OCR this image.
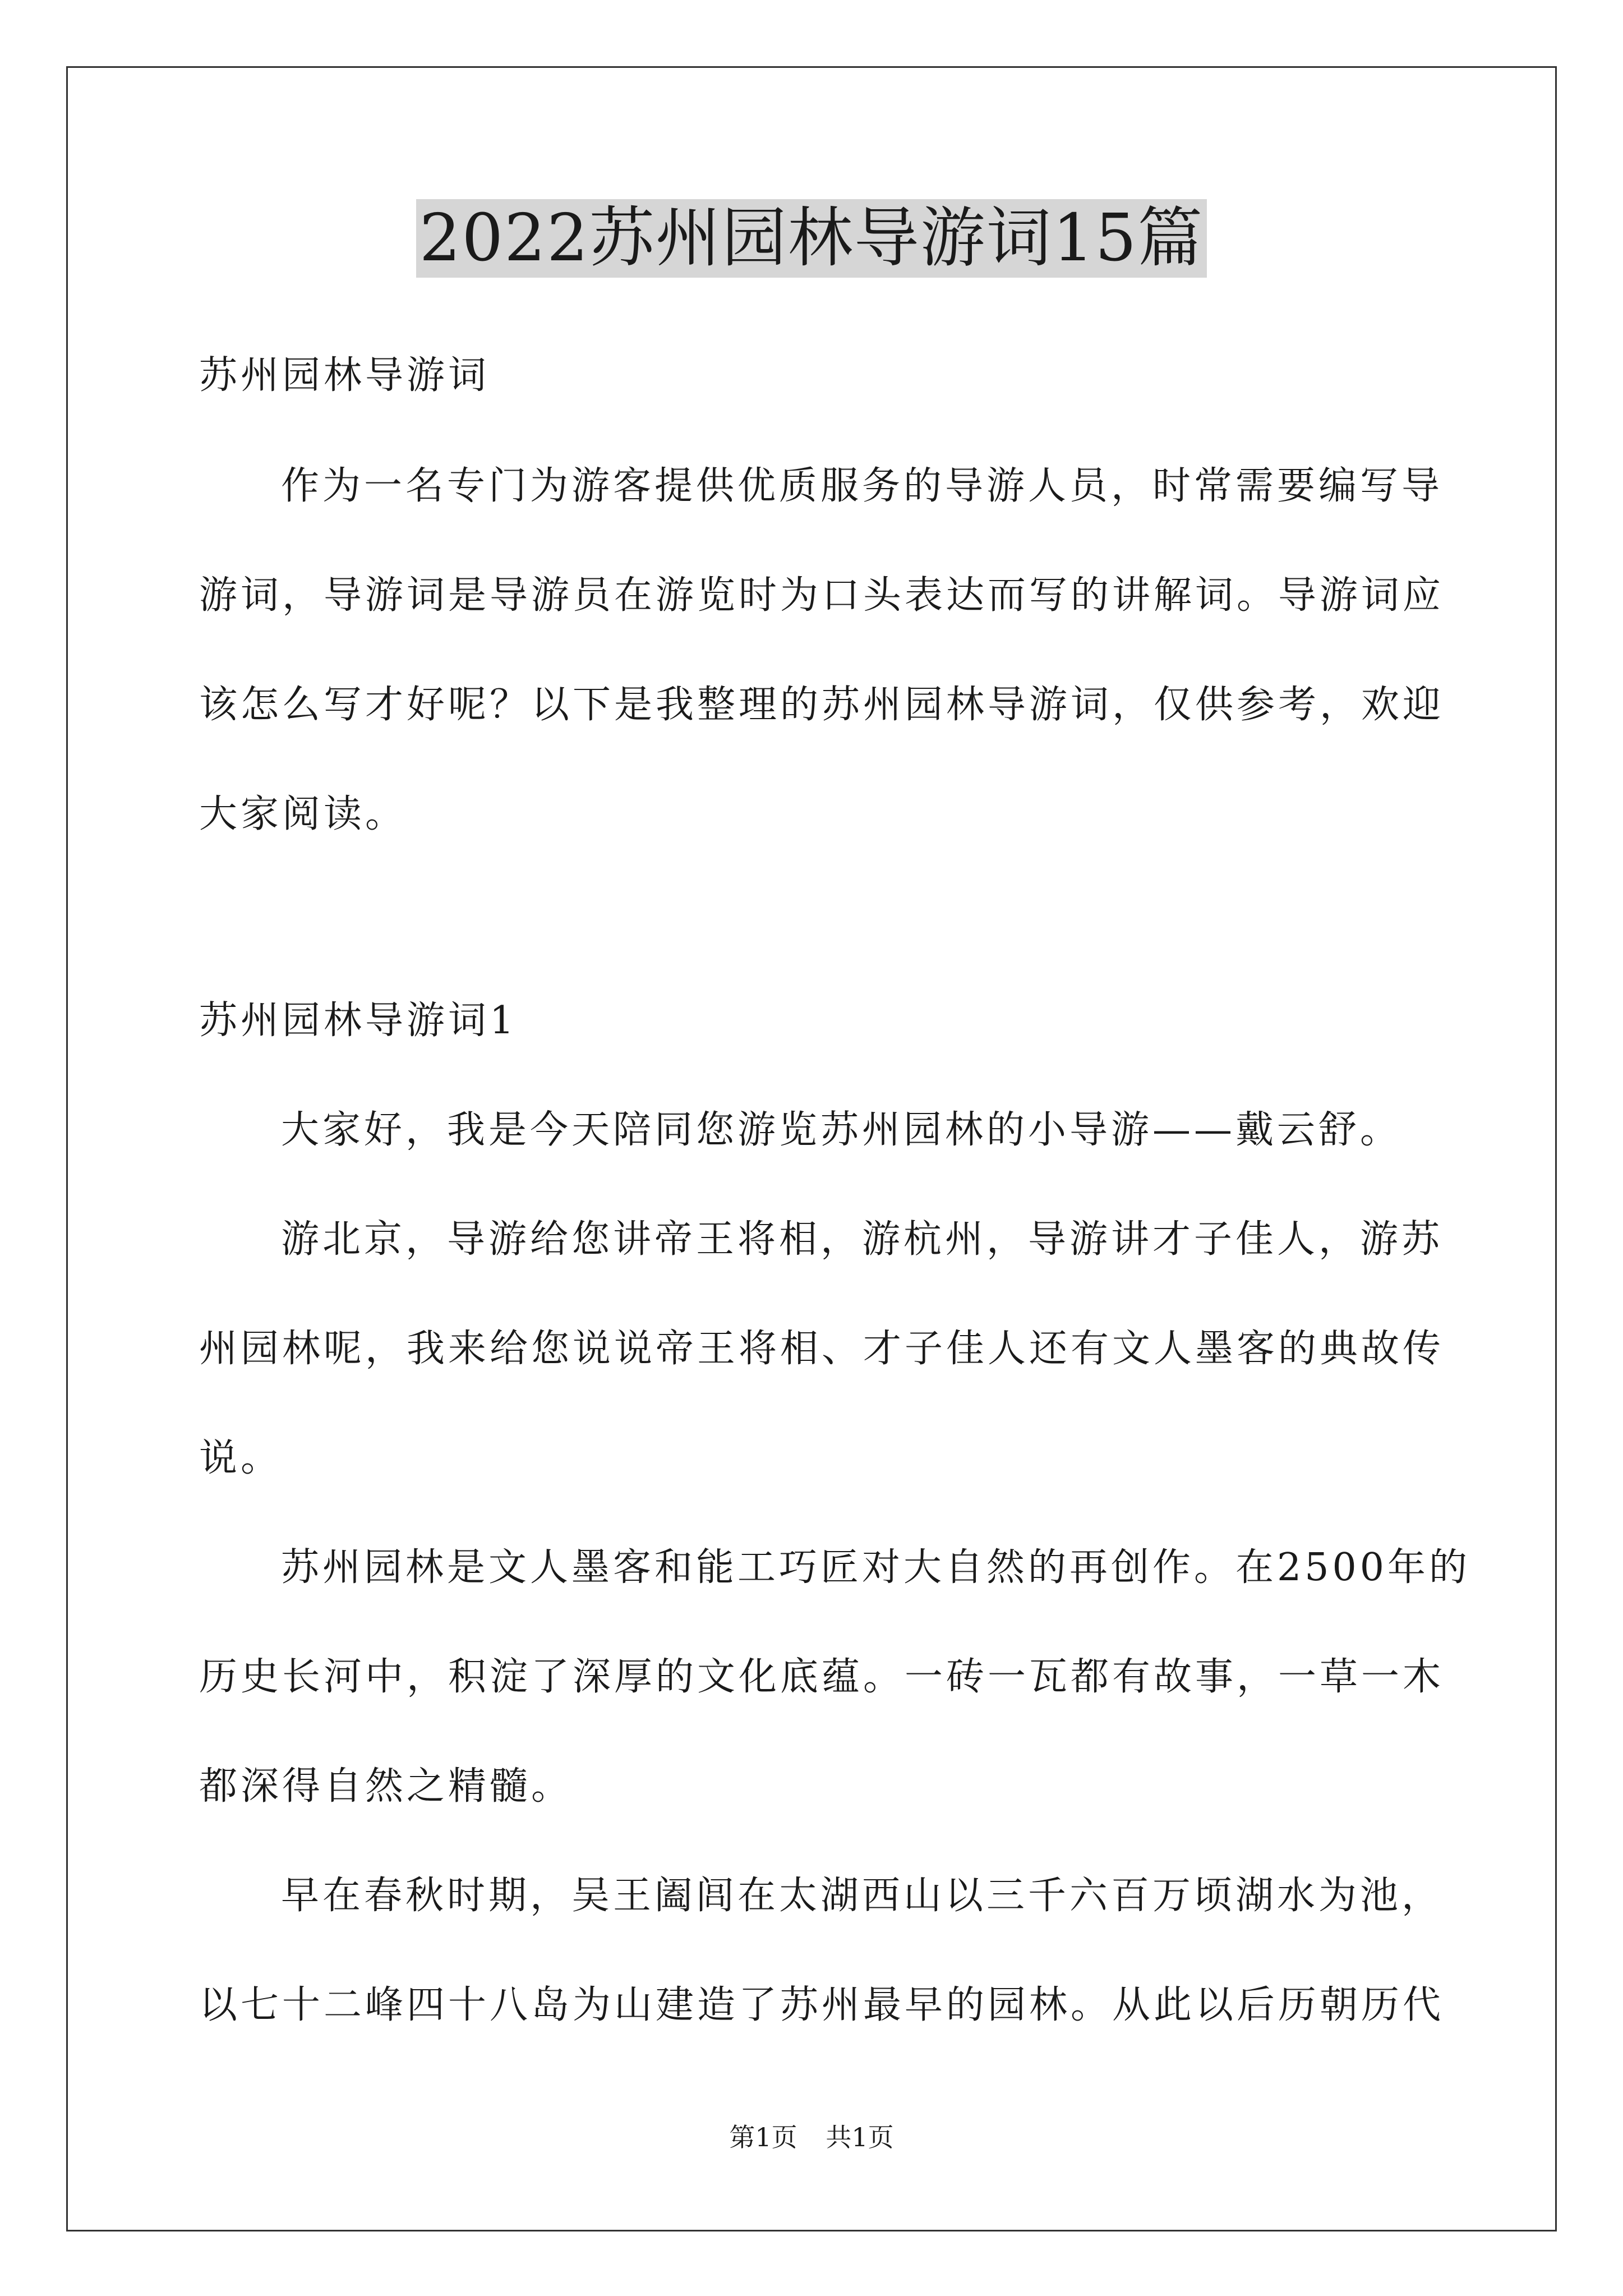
2022苏州园林导游词15篇
苏州园林导游词
作为一名专门为游客提供优质服务的导游人员，时常需要编写导
游词，导游词是导游员在游览时为口头表达而写的讲解词。导游词应
该怎么写才好呢？以下是我整理的苏州园林导游词，仅供参考，欢迎
大家阅读。
苏州园林导游词1
大家好，我是今天陪同您游览苏州园林的小导游——戴云舒。
游北京，导游给您讲帝王将相，游杭州，导游讲才子佳人，游苏
州园林呢，我来给您说说帝王将相、才子佳人还有文人墨客的典故传
说。
苏州园林是文人墨客和能工巧匠对大自然的再创作。在2500年的
历史长河中，积淀了深厚的文化底蕴。一砖一瓦都有故事，一草一木
都深得自然之精髓。
早在春秋时期，吴王阖闾在太湖西山以三千六百万顷湖水为池，
以七十二峰四十八岛为山建造了苏州最早的园林。从此以后历朝历代
第1页 共1页
